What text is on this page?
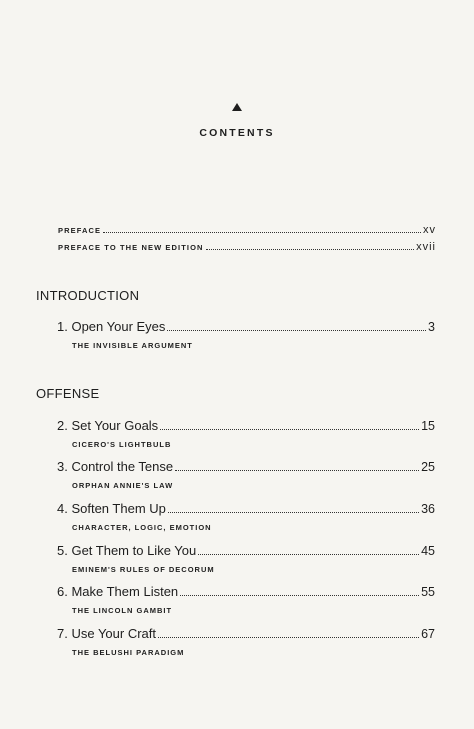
CONTENTS
PREFACE	xv
PREFACE TO THE NEW EDITION	xvii
INTRODUCTION
1. Open Your Eyes	3
THE INVISIBLE ARGUMENT
OFFENSE
2. Set Your Goals	15
CICERO'S LIGHTBULB
3. Control the Tense	25
ORPHAN ANNIE'S LAW
4. Soften Them Up	36
CHARACTER, LOGIC, EMOTION
5. Get Them to Like You	45
EMINEM'S RULES OF DECORUM
6. Make Them Listen	55
THE LINCOLN GAMBIT
7. Use Your Craft	67
THE BELUSHI PARADIGM
